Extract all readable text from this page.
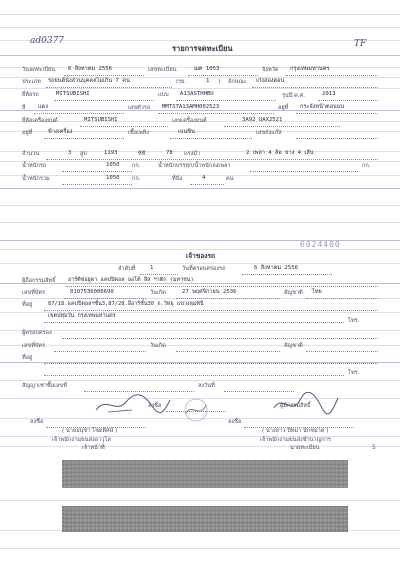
ad0377	TF
รายการจดทะเบียน
วันจดทะเบียน 6 สิงหาคม 2556	เลขทะเบียน	ฌค 1053	จังหวัด กรุงเทพมหานคร
ประเภท รถยนต์นั่งส่วนบุคคลไม่เกิน 7 คน	(รย.	1 ) ลักษณะ เก๋งสองตอน
ยี่ห้อรถ	MITSUBISHI	แบบ A13ASTHHBU	รุ่นปี ค.ศ.	2013
สี แดง	เลขตัวรถ MMTSTA13AMH002523	อยู่ที่ กระจังหน้าตอนบน
ยี่ห้อเครื่องยนต์	MITSUBISHI	เลขเครื่องยนต์	3A92 UAX2521
อยู่ที่	ข้างเครื่อง	เชื้อเพลิง	เบนซิน	เลขถังแก๊ส
จำนวน	3 สูบ	1193	ซีซี	78 แรงม้า	2 เพลา 4 ล้อ ยาง 4 เส้น
น้ำหนักรถ	1050 กก.	น้ำหนักบรรทุก/น้ำหนักลงเพลา	กก.
น้ำหนักรวม	1050 กก.	ที่นั่ง	4	คน
6024400
เจ้าของรถ
ลำดับที่	1	วันที่ครอบครองรถ	6 สิงหาคม 2556
ผู้ถือกรรมสิทธิ์ อาร์ติซอยูดา แคปปิตอล ออโต้ ลีส ฯาติก (มหาชน)
เลขที่บัตร	0107536000690	วันเกิด	27 พฤศจิกายน 2536	สัญชาติ ไทย
ที่อยู่	87/18.แคปปิตอลฯชั้น3,87/28.อีอาร์ชั้น30 ถ.วิทยุ แขวงลุมพินี
เขตปทุมวัน กรุงเทพมหานคร
โทร.
ผู้ครอบครอง
เลขที่บัตร	วันเกิด	สัญชาติ
ที่อยู่
โทร.
สัญญาเช่าซื้อเลขที่	ลงวันที่
ลงชื่อ
( นายอนุชา โชดดิศษ์ )
เจ้าพนักงานขนส่งอาวุโส
เจ้าหน้าที่
ลงชื่อ	ผู้มีกรรมสิทธิ์
ลงชื่อ
( นางสาว ปัทมา นักชมาด )
เจ้าพนักงานขนส่งชำนาญการ
นายทะเบียน	5
